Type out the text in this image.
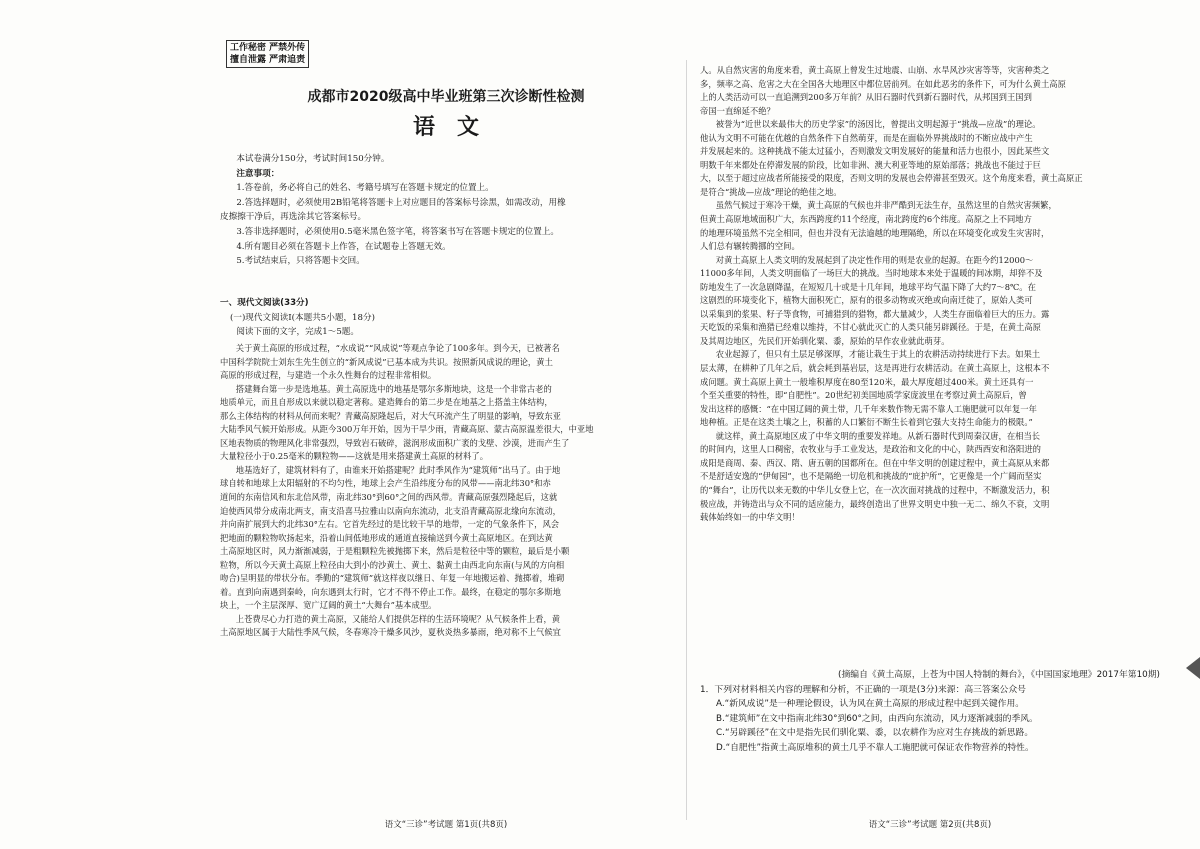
工作秘密 严禁外传
擅自泄露 严肃追责
成都市2020级高中毕业班第三次诊断性检测
语文

本试卷满分150分，考试时间150分钟。

注意事项：

1.答卷前，务必将自己的姓名、考籍号填写在答题卡规定的位置上。

2.答选择题时，必须使用2B铅笔将答题卡上对应题目的答案标号涂黑，如需改动，用橡

皮擦擦干净后，再选涂其它答案标号。

3.答非选择题时，必须使用0.5毫米黑色签字笔，将答案书写在答题卡规定的位置上。

4.所有题目必须在答题卡上作答，在试题卷上答题无效。

5.考试结束后，只将答题卡交回。

一、现代文阅读(33分)

(一)现代文阅读Ⅰ(本题共5小题，18分)

阅读下面的文字，完成1～5题。

关于黄土高原的形成过程，“水成说”“风成说”等观点争论了100多年。到今天，已被著名

中国科学院院士刘东生先生创立的“新风成说”已基本成为共识。按照新风成说的理论，黄土

高原的形成过程，与建造一个永久性舞台的过程非常相似。

搭建舞台第一步是选地基。黄土高原选中的地基是鄂尔多斯地块，这是一个非常古老的

地质单元，而且自形成以来就以稳定著称。建造舞台的第二步是在地基之上搭盖主体结构，

那么主体结构的材料从何而来呢？青藏高原隆起后，对大气环流产生了明显的影响，导致东亚

大陆季风气候开始形成。从距今300万年开始，因为干旱少雨，青藏高原、蒙古高原温差很大，中亚地

区地表物质的物理风化非常强烈，导致岩石破碎，滋润形成面积广袤的戈壁、沙漠，进而产生了

大量粒径小于0.25毫米的颗粒物——这就是用来搭建黄土高原的材料了。

地基选好了，建筑材料有了，由谁来开始搭建呢？此时季风作为“建筑师”出马了。由于地

球自转和地球上太阳辐射的不均匀性，地球上会产生沿纬度分布的风带——南北纬30°和赤

道间的东南信风和东北信风带，南北纬30°到60°之间的西风带。青藏高原强烈隆起后，这就

迫使西风带分成南北两支，南支沿喜马拉雅山以南向东流动，北支沿青藏高原北缘向东流动，

并向南扩展到大约北纬30°左右。它首先经过的是比较干旱的地带，一定的气象条件下，风会

把地面的颗粒物吹扬起来，沿着山间低地形成的通道直接输送到今黄土高原地区。在到达黄

土高原地区时，风力渐渐减弱，于是粗颗粒先被抛掷下来，然后是粒径中等的颗粒，最后是小颗

粒物，所以今天黄土高原上粒径由大到小的沙黄土、黄土、黏黄土由西北向东南(与风的方向相

吻合)呈明显的带状分布。季勤的“建筑师”就这样夜以继日、年复一年地搬运着、抛掷着，堆砌

着。直到向南遇到秦岭，向东遇到太行时，它才不得不停止工作。最终，在稳定的鄂尔多斯地

块上，一个主层深厚、宽广辽阔的黄土“大舞台”基本成型。

上苍费尽心力打造的黄土高原，又能给人们提供怎样的生活环境呢？从气候条件上看，黄

土高原地区属于大陆性季风气候，冬春寒冷干燥多风沙，夏秋炎热多暴雨，绝对称不上气候宜

语文“三诊”考试题 第1页(共8页)

人。从自然灾害的角度来看，黄土高原上曾发生过地震、山崩、水旱风沙灾害等等，灾害种类之

多，频率之高、危害之大在全国各大地理区中都位居前列。在如此恶劣的条件下，可为什么黄土高原

上的人类活动可以一直追溯到200多万年前？从旧石器时代到新石器时代，从邦国到王国到

帝国一直绵延不绝？

被誉为“近世以来最伟大的历史学家”的汤因比，曾提出文明起源于“挑战—应战”的理论。

他认为文明不可能在优越的自然条件下自然萌芽，而是在面临外界挑战时的不断应战中产生

并发展起来的。这种挑战不能太过猛小，否则激发文明发展好的能量和活力也很小，因此某些文

明数千年来都处在停滞发展的阶段，比如非洲、澳大利亚等地的原始部落；挑战也不能过于巨

大，以至于超过应战者所能接受的限度，否则文明的发展也会停滞甚至毁灭。这个角度来看，黄土高原正

是符合“挑战—应战”理论的绝佳之地。

虽然气候过于寒冷干燥，黄土高原的气候也并非严酷到无法生存，虽然这里的自然灾害频繁，

但黄土高原地域面积广大，东西跨度约11个经度，南北跨度约6个纬度。高原之上不同地方

的地理环境虽然不完全相同，但也并没有无法逾越的地理隔绝，所以在环境变化或发生灾害时，

人们总有辗转腾挪的空间。

对黄土高原上人类文明的发展起到了决定性作用的则是农业的起源。在距今约12000～

11000多年间，人类文明面临了一场巨大的挑战。当时地球本来处于温暖的间冰期，却猝不及

防地发生了一次急剧降温，在短短几十或是十几年间，地球平均气温下降了大约7～8℃。在

这剧烈的环境变化下，植物大面积死亡，原有的很多动物或灭绝或向南迁徙了，原始人类可

以采集到的浆果、籽子等食物，可捕猎到的猎物，都大量减少，人类生存面临着巨大的压力。露

天吃饭的采集和渔猎已经难以维持，不甘心就此灭亡的人类只能另辟蹊径。于是，在黄土高原

及其周边地区，先民们开始驯化粟、黍，原始的早作农业就此萌芽。

农业起源了，但只有土层足够深厚，才能让栽生于其上的农耕活动持续进行下去。如果土

层太薄，在耕种了几年之后，就会耗到基岩层，这是再进行农耕活动。在黄土高原上，这根本不

成问题。黄土高原上黄土一般堆积厚度在80至120米，最大厚度超过400米。黄土还具有一

个至关重要的特性，即“自肥性”。20世纪初美国地质学家庞波里在考察过黄土高原后，曾

发出这样的感慨：“在中国辽阔的黄土带，几千年来数作物无需不靠人工施肥就可以年复一年

地种植。正是在这类土壤之上，积蓄的人口繁衍不断生长着到它强大支持生命能力的极限。”

就这样，黄土高原地区成了中华文明的重要发祥地。从新石器时代到周秦汉唐，在相当长

的时间内，这里人口稠密，农牧业与手工业发达，是政治和文化的中心，陕西西安和洛阳进的

成阳是商周、秦、西汉、隋、唐五朝的国都所在。但在中华文明的创建过程中，黄土高原从来都

不是舒适安逸的“伊甸园”，也不是隔绝一切危机和挑战的“庇护所”，它更像是一个广阔而坚实

的“舞台”，让历代以来无数的中华儿女登上它，在一次次面对挑战的过程中，不断激发活力，积

极应战，并铸造出与众不同的适应能力，最终创造出了世界文明史中独一无二、绵久不衰，文明

载体始终如一的中华文明！

(摘编自《黄土高原，上苍为中国人特制的舞台》，《中国国家地理》2017年第10期)

1．下列对材料相关内容的理解和分析，不正确的一项是(3分)来源：高三答案公众号

A.“新风成说”是一种理论假设，认为风在黄土高原的形成过程中起到关键作用。

B.“建筑师”在文中指南北纬30°到60°之间，由西向东流动，风力逐渐减弱的季风。

C.“另辟蹊径”在文中是指先民们驯化粟、黍，以农耕作为应对生存挑战的新思路。

D.“自肥性”指黄土高原堆积的黄土几乎不靠人工施肥就可保证农作物营养的特性。

语文“三诊”考试题 第2页(共8页)
